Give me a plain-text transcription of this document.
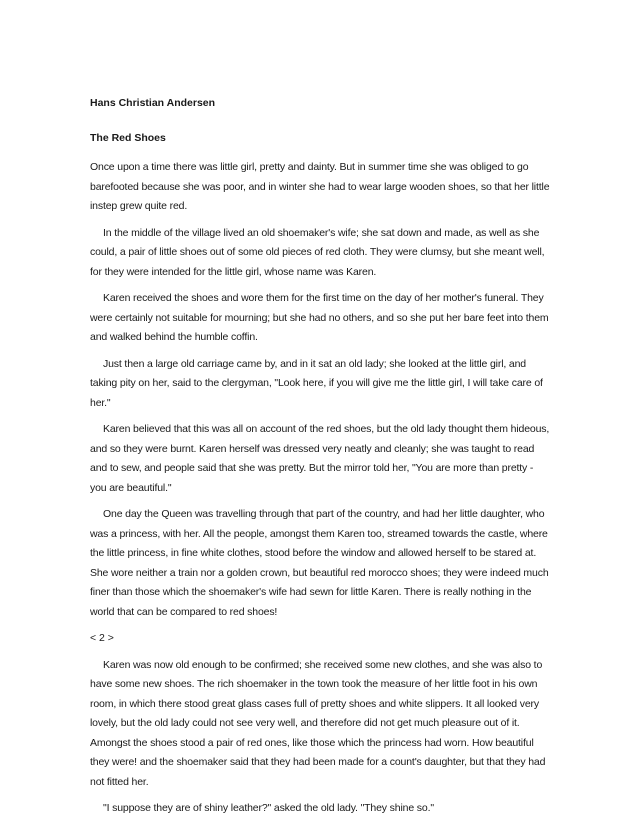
Hans Christian Andersen

The Red Shoes

Once upon a time there was little girl, pretty and dainty. But in summer time she was obliged to go barefooted because she was poor, and in winter she had to wear large wooden shoes, so that her little instep grew quite red.

In the middle of the village lived an old shoemaker's wife; she sat down and made, as well as she could, a pair of little shoes out of some old pieces of red cloth. They were clumsy, but she meant well, for they were intended for the little girl, whose name was Karen.

Karen received the shoes and wore them for the first time on the day of her mother's funeral. They were certainly not suitable for mourning; but she had no others, and so she put her bare feet into them and walked behind the humble coffin.

Just then a large old carriage came by, and in it sat an old lady; she looked at the little girl, and taking pity on her, said to the clergyman, "Look here, if you will give me the little girl, I will take care of her."

Karen believed that this was all on account of the red shoes, but the old lady thought them hideous, and so they were burnt. Karen herself was dressed very neatly and cleanly; she was taught to read and to sew, and people said that she was pretty. But the mirror told her, "You are more than pretty - you are beautiful."

One day the Queen was travelling through that part of the country, and had her little daughter, who was a princess, with her. All the people, amongst them Karen too, streamed towards the castle, where the little princess, in fine white clothes, stood before the window and allowed herself to be stared at. She wore neither a train nor a golden crown, but beautiful red morocco shoes; they were indeed much finer than those which the shoemaker's wife had sewn for little Karen. There is really nothing in the world that can be compared to red shoes!

< 2 >

Karen was now old enough to be confirmed; she received some new clothes, and she was also to have some new shoes. The rich shoemaker in the town took the measure of her little foot in his own room, in which there stood great glass cases full of pretty shoes and white slippers. It all looked very lovely, but the old lady could not see very well, and therefore did not get much pleasure out of it. Amongst the shoes stood a pair of red ones, like those which the princess had worn. How beautiful they were! and the shoemaker said that they had been made for a count's daughter, but that they had not fitted her.

"I suppose they are of shiny leather?" asked the old lady. "They shine so."
